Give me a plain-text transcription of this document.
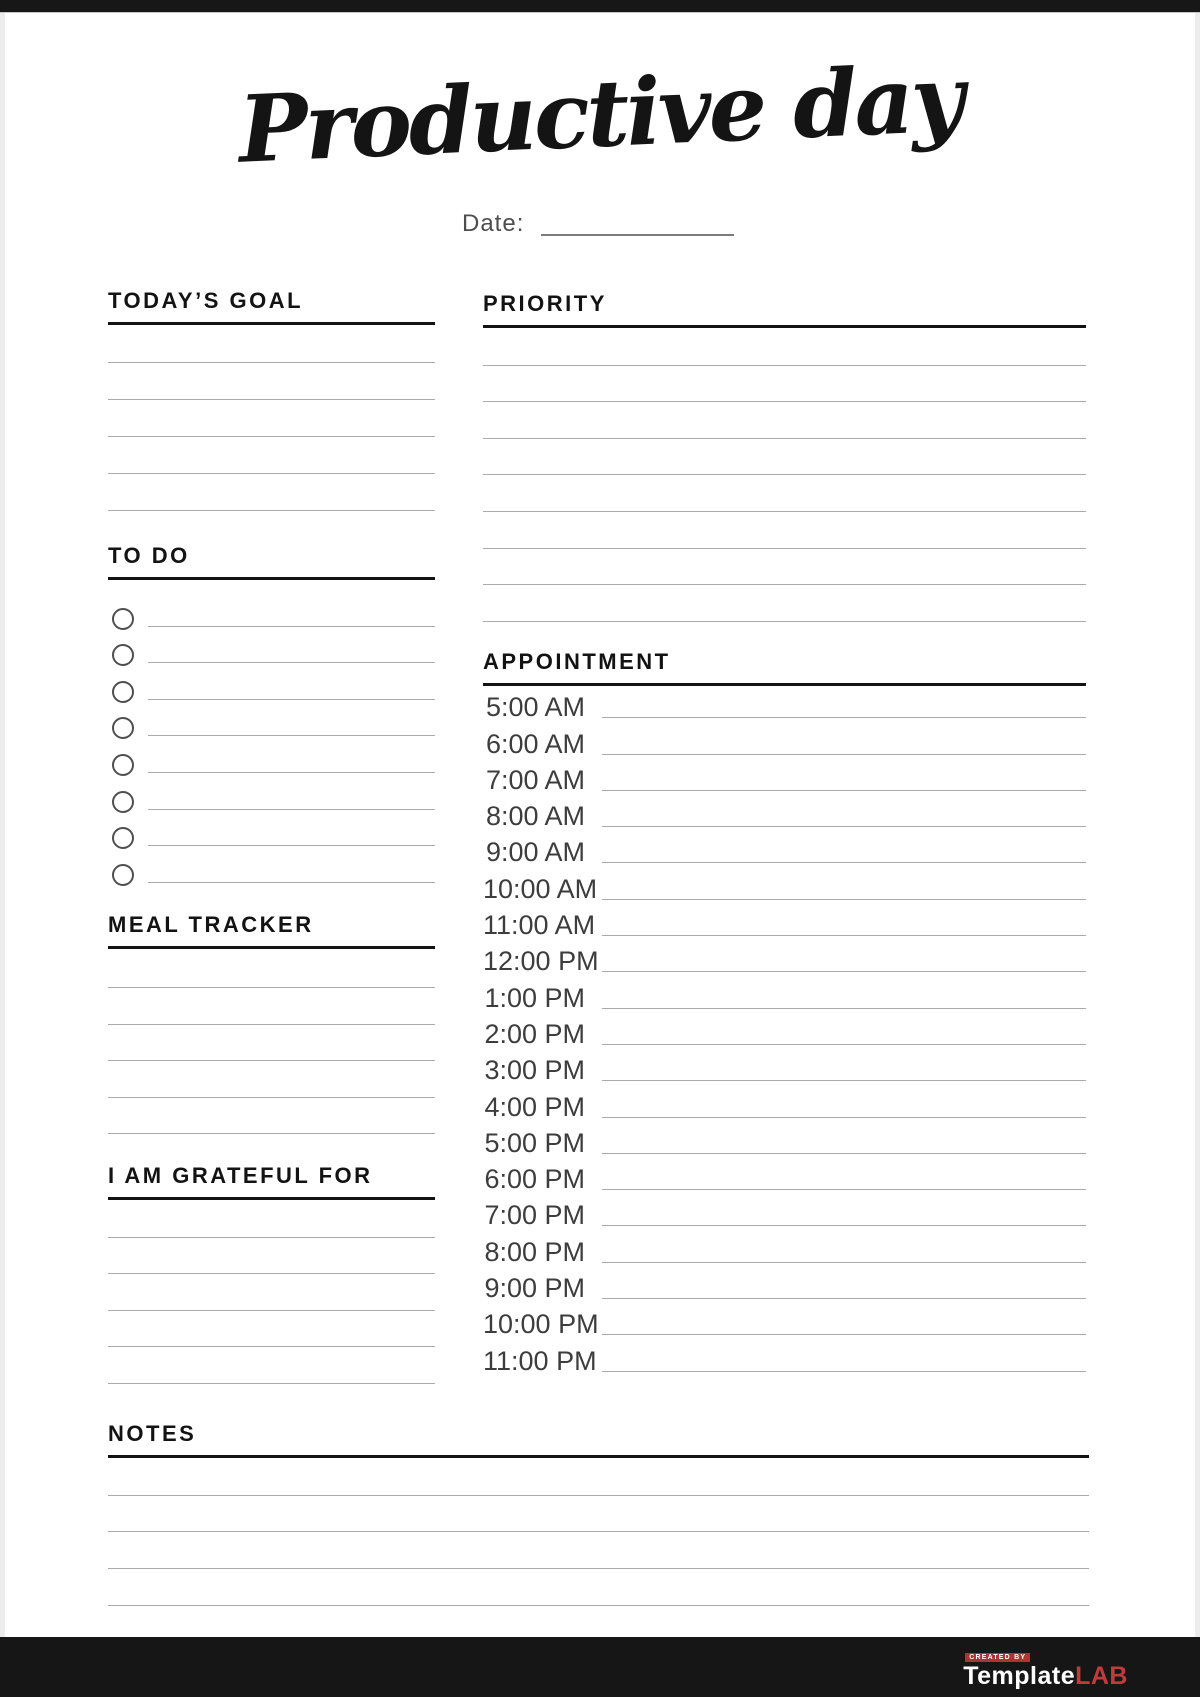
Productive day
Date:
TODAY’S GOAL
TO DO
MEAL TRACKER
I AM GRATEFUL FOR
PRIORITY
APPOINTMENT
5:00 AM
6:00 AM
7:00 AM
8:00 AM
9:00 AM
10:00 AM
11:00 AM
12:00 PM
1:00 PM
2:00 PM
3:00 PM
4:00 PM
5:00 PM
6:00 PM
7:00 PM
8:00 PM
9:00 PM
10:00 PM
11:00 PM
NOTES
CREATED BY
TemplateLAB
